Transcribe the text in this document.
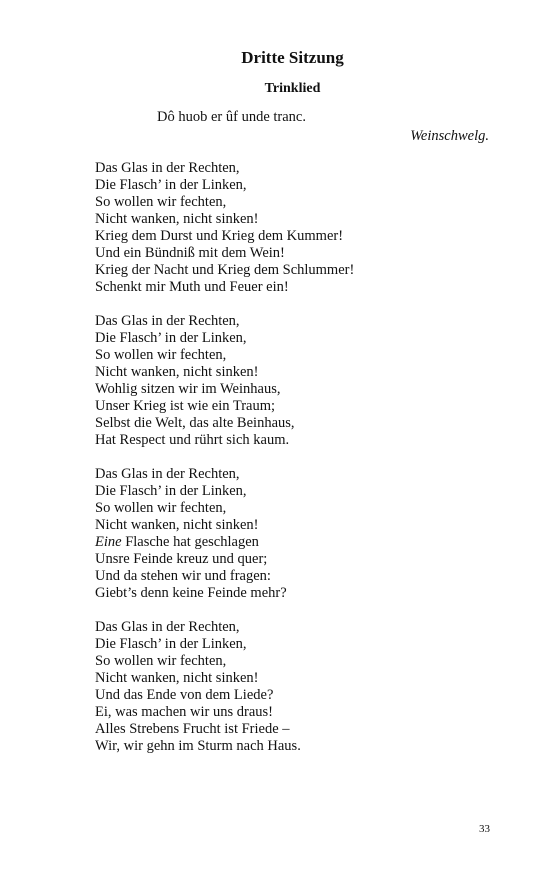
Dritte Sitzung
Trinklied
Dô huob er ûf unde tranc.
Weinschwelg.
Das Glas in der Rechten,
Die Flasch’ in der Linken,
So wollen wir fechten,
Nicht wanken, nicht sinken!
Krieg dem Durst und Krieg dem Kummer!
Und ein Bündniß mit dem Wein!
Krieg der Nacht und Krieg dem Schlummer!
Schenkt mir Muth und Feuer ein!
Das Glas in der Rechten,
Die Flasch’ in der Linken,
So wollen wir fechten,
Nicht wanken, nicht sinken!
Wohlig sitzen wir im Weinhaus,
Unser Krieg ist wie ein Traum;
Selbst die Welt, das alte Beinhaus,
Hat Respect und rührt sich kaum.
Das Glas in der Rechten,
Die Flasch’ in der Linken,
So wollen wir fechten,
Nicht wanken, nicht sinken!
Eine Flasche hat geschlagen
Unsre Feinde kreuz und quer;
Und da stehen wir und fragen:
Giebt’s denn keine Feinde mehr?
Das Glas in der Rechten,
Die Flasch’ in der Linken,
So wollen wir fechten,
Nicht wanken, nicht sinken!
Und das Ende von dem Liede?
Ei, was machen wir uns draus!
Alles Strebens Frucht ist Friede –
Wir, wir gehn im Sturm nach Haus.
33
